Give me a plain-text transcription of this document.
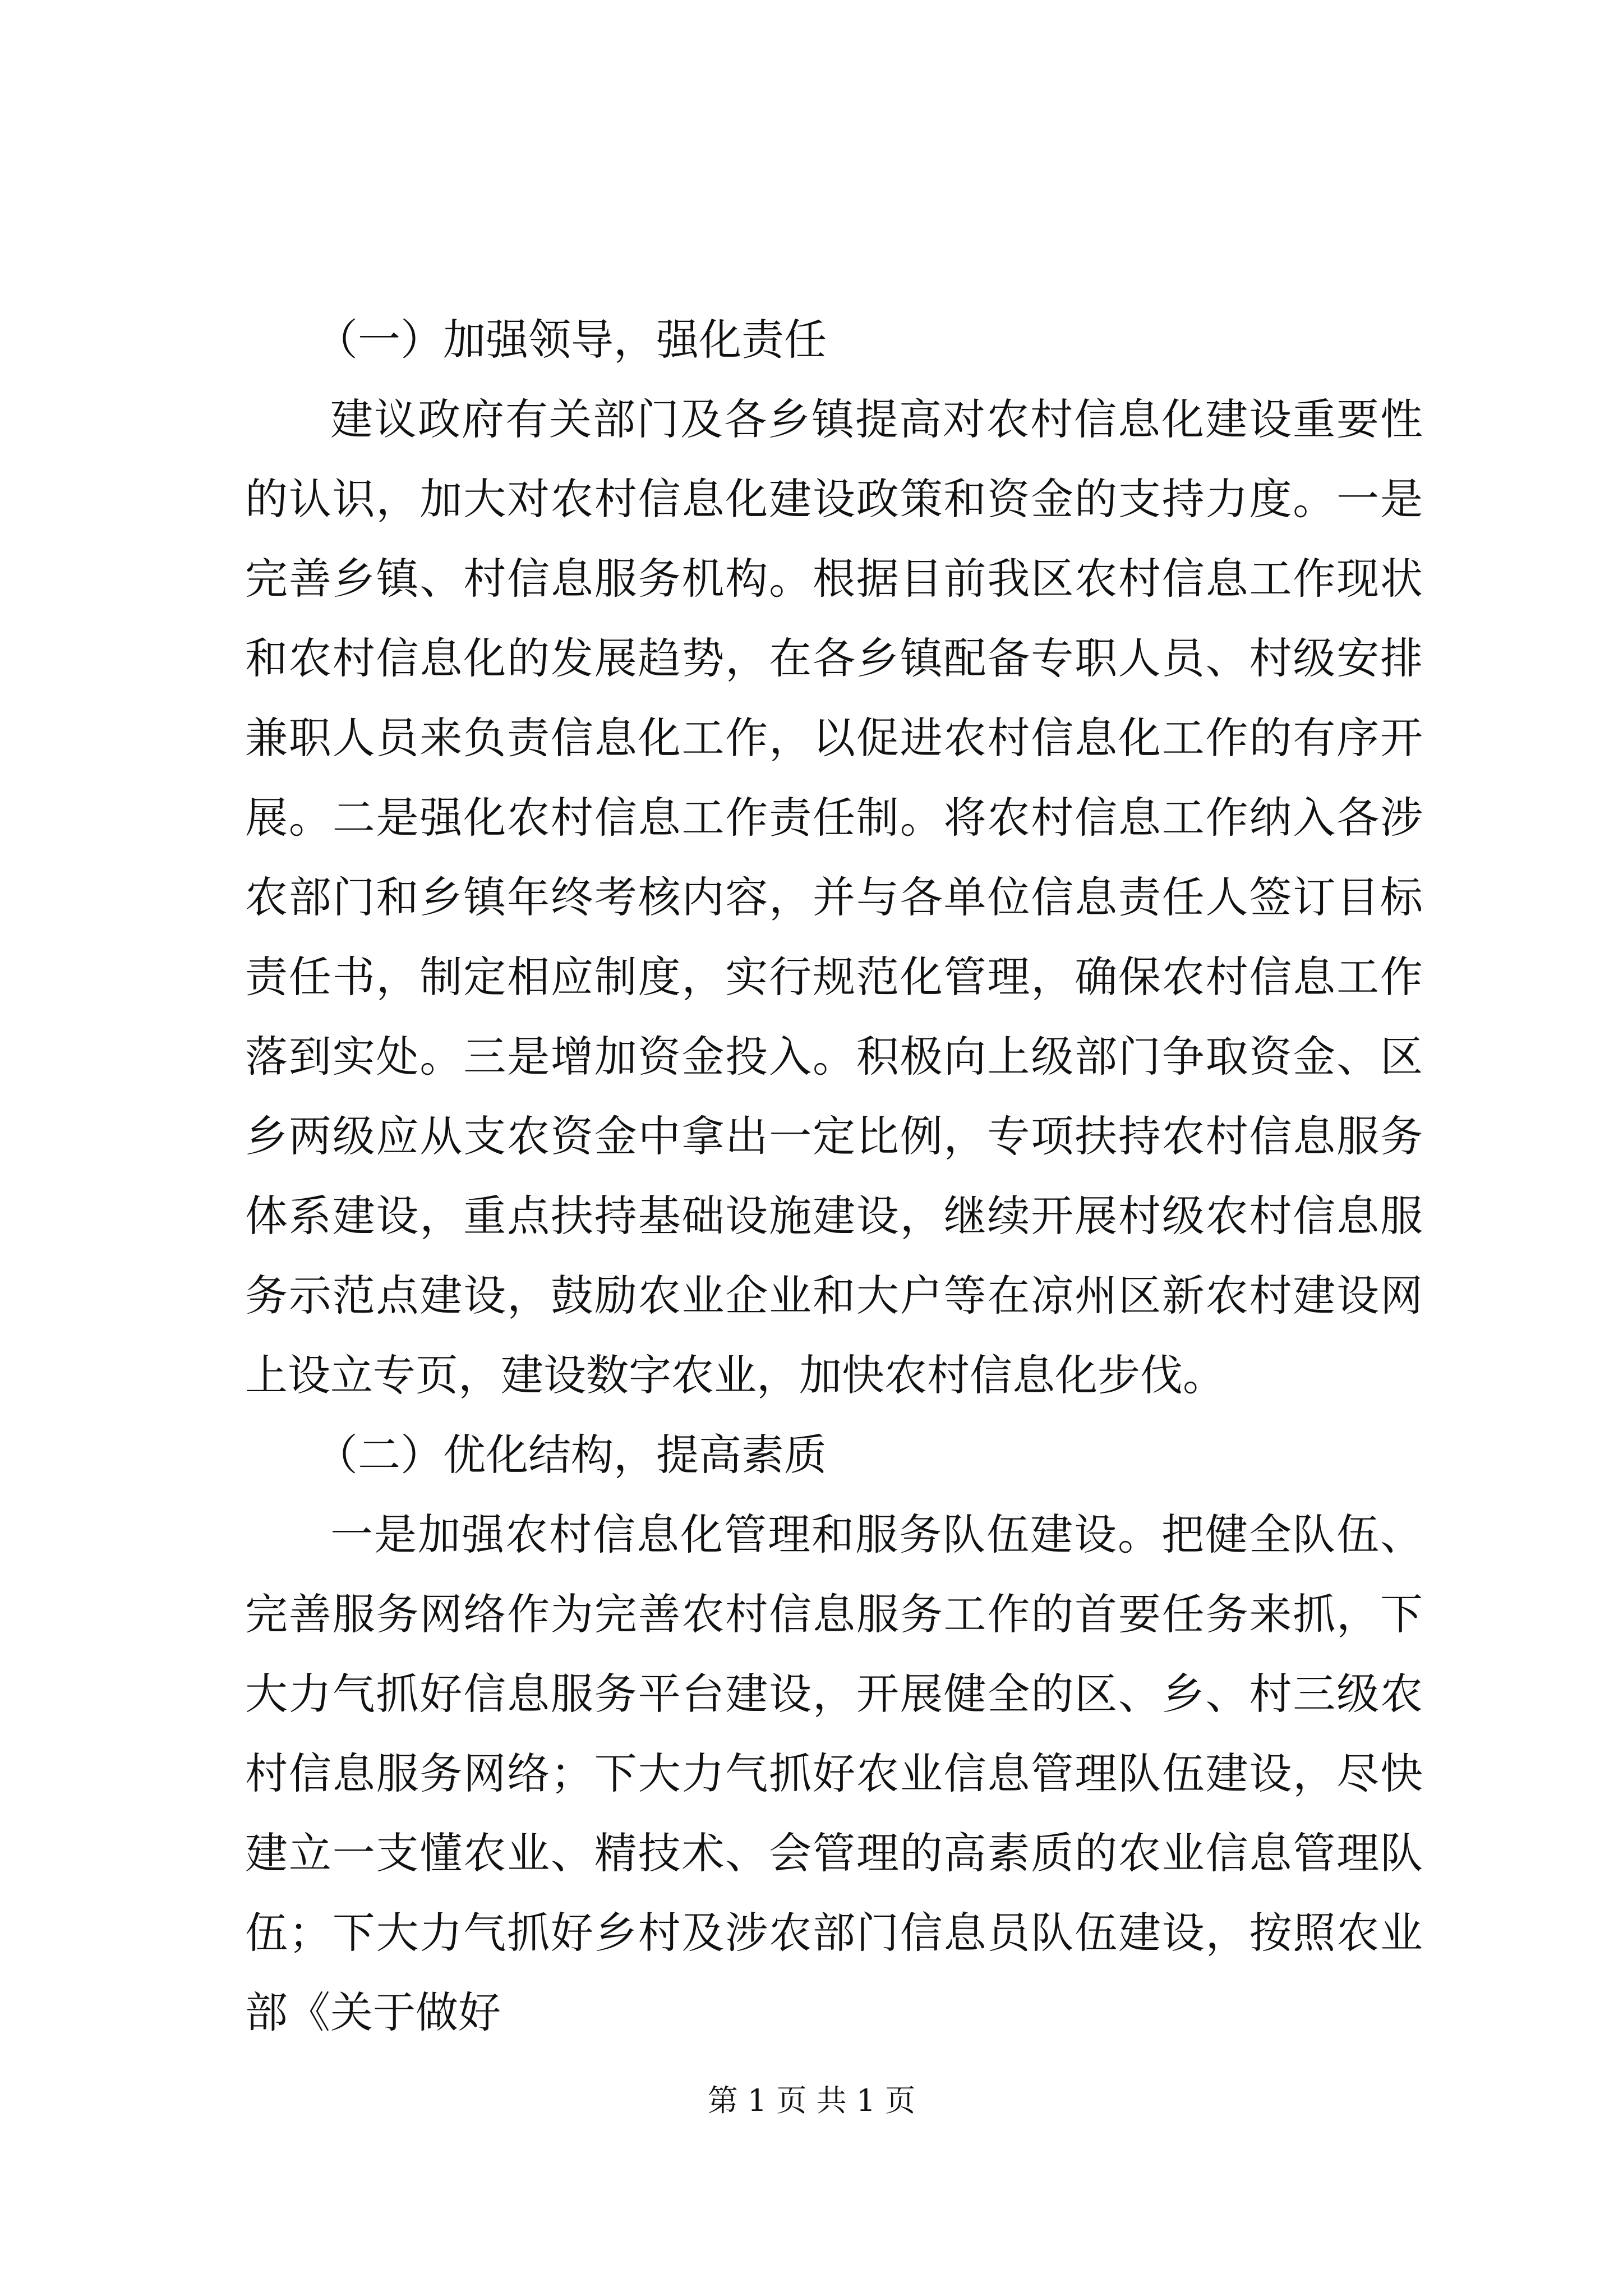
（一）加强领导，强化责任

建议政府有关部门及各乡镇提高对农村信息化建设重要性的认识，加大对农村信息化建设政策和资金的支持力度。一是完善乡镇、村信息服务机构。根据目前我区农村信息工作现状和农村信息化的发展趋势，在各乡镇配备专职人员、村级安排兼职人员来负责信息化工作，以促进农村信息化工作的有序开展。二是强化农村信息工作责任制。将农村信息工作纳入各涉农部门和乡镇年终考核内容，并与各单位信息责任人签订目标责任书，制定相应制度，实行规范化管理，确保农村信息工作落到实处。三是增加资金投入。积极向上级部门争取资金、区乡两级应从支农资金中拿出一定比例，专项扶持农村信息服务体系建设，重点扶持基础设施建设，继续开展村级农村信息服务示范点建设，鼓励农业企业和大户等在凉州区新农村建设网上设立专页，建设数字农业，加快农村信息化步伐。

（二）优化结构，提高素质

一是加强农村信息化管理和服务队伍建设。把健全队伍、完善服务网络作为完善农村信息服务工作的首要任务来抓，下大力气抓好信息服务平台建设，开展健全的区、乡、村三级农村信息服务网络；下大力气抓好农业信息管理队伍建设，尽快建立一支懂农业、精技术、会管理的高素质的农业信息管理队伍；下大力气抓好乡村及涉农部门信息员队伍建设，按照农业部《关于做好

第 1 页 共 1 页
